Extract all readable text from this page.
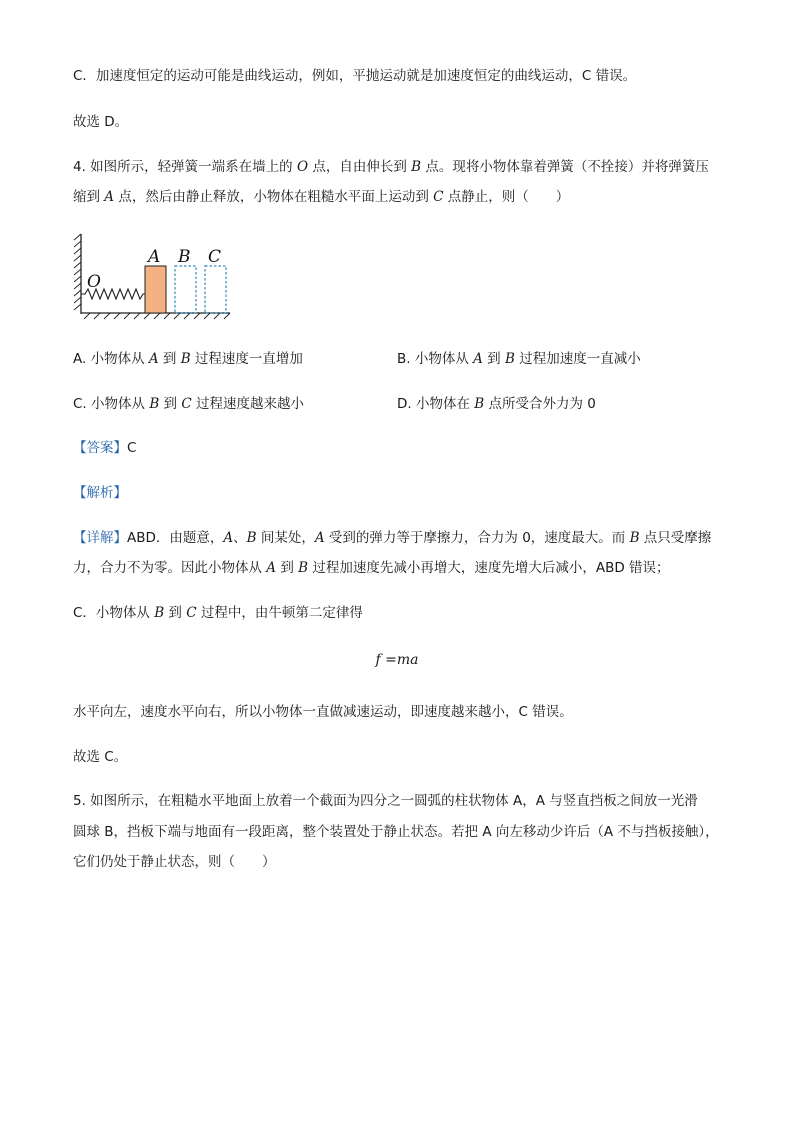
C．加速度恒定的运动可能是曲线运动，例如，平抛运动就是加速度恒定的曲线运动，C 错误。
故选 D。
4. 如图所示，轻弹簧一端系在墙上的 O 点，自由伸长到 B 点。现将小物体靠着弹簧（不拴接）并将弹簧压
缩到 A 点，然后由静止释放，小物体在粗糙水平面上运动到 C 点静止，则（　　）
O
A B C
A. 小物体从 A 到 B 过程速度一直增加	B. 小物体从 A 到 B 过程加速度一直减小
C. 小物体从 B 到 C 过程速度越来越小	D. 小物体在 B 点所受合外力为 0
【答案】C
【解析】
【详解】ABD．由题意，A、B 间某处，A 受到的弹力等于摩擦力，合力为 0，速度最大。而 B 点只受摩擦
力，合力不为零。因此小物体从 A 到 B 过程加速度先减小再增大，速度先增大后减小，ABD 错误；
C．小物体从 B 到 C 过程中，由牛顿第二定律得
f =ma
水平向左，速度水平向右，所以小物体一直做减速运动，即速度越来越小，C 错误。
故选 C。
5. 如图所示，在粗糙水平地面上放着一个截面为四分之一圆弧的柱状物体 A，A 与竖直挡板之间放一光滑
圆球 B，挡板下端与地面有一段距离，整个装置处于静止状态。若把 A 向左移动少许后（A 不与挡板接触），
它们仍处于静止状态，则（　　）
